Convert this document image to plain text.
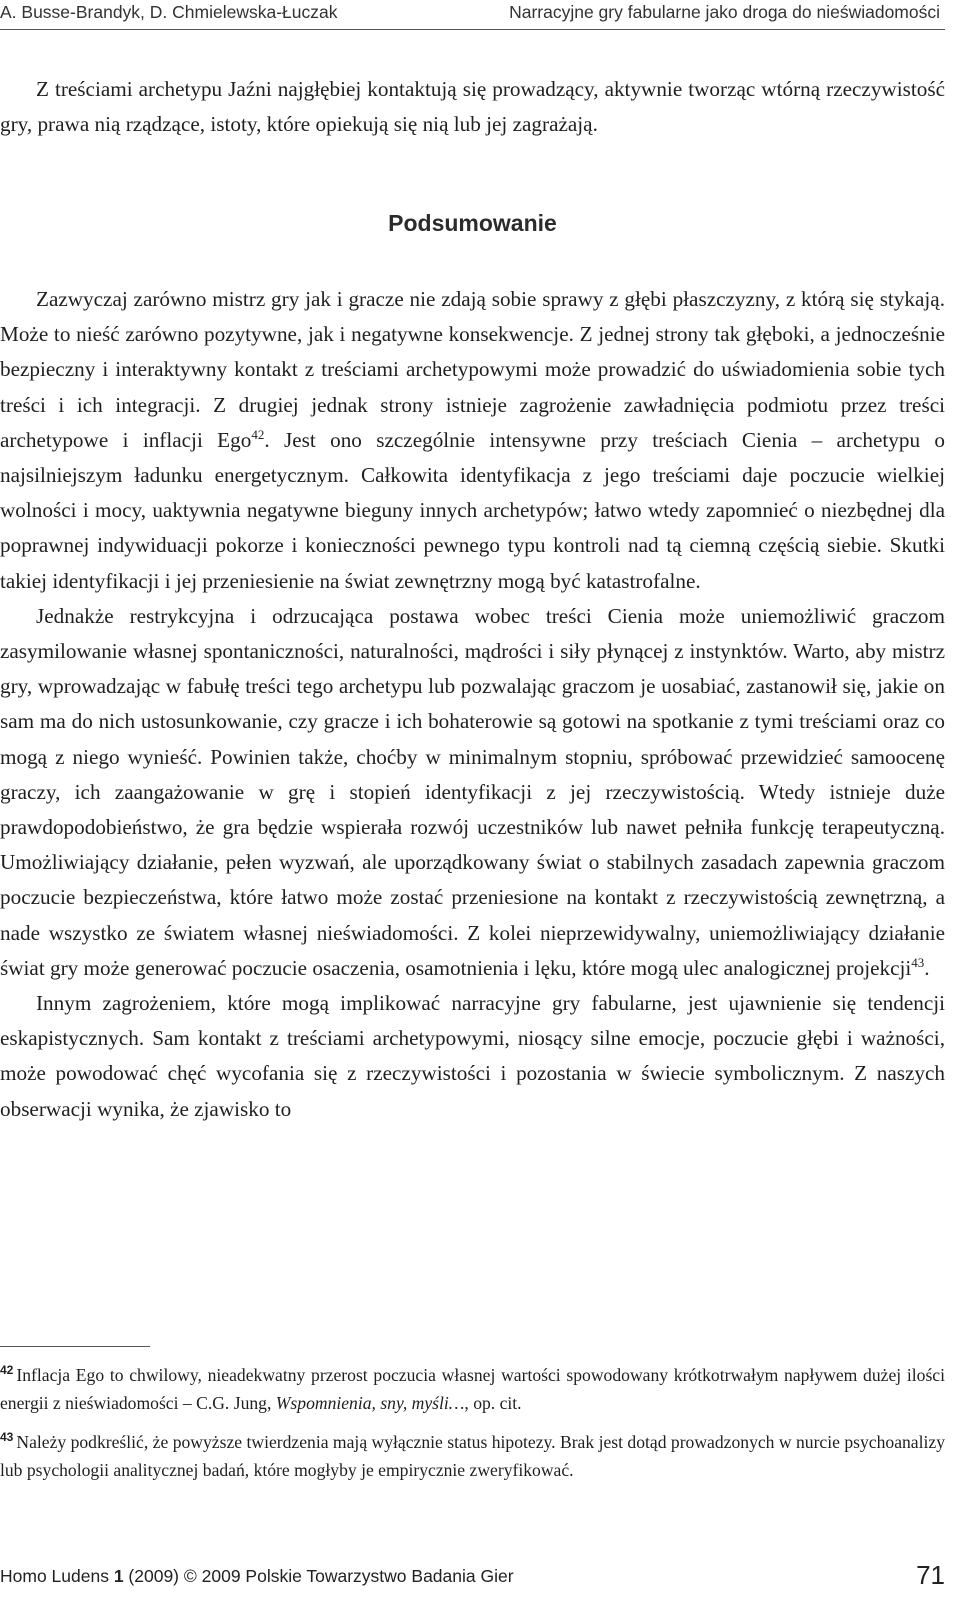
A. Busse-Brandyk, D. Chmielewska-Łuczak	Narracyjne gry fabularne jako droga do nieświadomości

Z treściami archetypu Jaźni najgłębiej kontaktują się prowadzący, aktywnie tworząc wtórną rzeczywistość gry, prawa nią rządzące, istoty, które opiekują się nią lub jej zagrażają.

Podsumowanie

Zazwyczaj zarówno mistrz gry jak i gracze nie zdają sobie sprawy z głębi płaszczyzny, z którą się stykają. Może to nieść zarówno pozytywne, jak i negatywne konsekwencje. Z jednej strony tak głęboki, a jednocześnie bezpieczny i interaktywny kontakt z treściami archetypowymi może prowadzić do uświadomienia sobie tych treści i ich integracji. Z drugiej jednak strony istnieje zagrożenie zawładnięcia podmiotu przez treści archetypowe i inflacji Ego$^{42}$. Jest ono szczególnie intensywne przy treściach Cienia – archetypu o najsilniejszym ładunku energetycznym. Całkowita identyfikacja z jego treściami daje poczucie wielkiej wolności i mocy, uaktywnia negatywne bieguny innych archetypów; łatwo wtedy zapomnieć o niezbędnej dla poprawnej indywiduacji pokorze i konieczności pewnego typu kontroli nad tą ciemną częścią siebie. Skutki takiej identyfikacji i jej przeniesienie na świat zewnętrzny mogą być katastrofalne.

Jednakże restrykcyjna i odrzucająca postawa wobec treści Cienia może uniemożliwić graczom zasymilowanie własnej spontaniczności, naturalności, mądrości i siły płynącej z instynktów. Warto, aby mistrz gry, wprowadzając w fabułę treści tego archetypu lub pozwalając graczom je uosabiać, zastanowił się, jakie on sam ma do nich ustosunkowanie, czy gracze i ich bohaterowie są gotowi na spotkanie z tymi treściami oraz co mogą z niego wynieść. Powinien także, choćby w minimalnym stopniu, spróbować przewidzieć samoocenę graczy, ich zaangażowanie w grę i stopień identyfikacji z jej rzeczywistością. Wtedy istnieje duże prawdopodobieństwo, że gra będzie wspierała rozwój uczestników lub nawet pełniła funkcję terapeutyczną. Umożliwiający działanie, pełen wyzwań, ale uporządkowany świat o stabilnych zasadach zapewnia graczom poczucie bezpieczeństwa, które łatwo może zostać przeniesione na kontakt z rzeczywistością zewnętrzną, a nade wszystko ze światem własnej nieświadomości. Z kolei nieprzewidywalny, uniemożliwiający działanie świat gry może generować poczucie osaczenia, osamotnienia i lęku, które mogą ulec analogicznej projekcji$^{43}$.

Innym zagrożeniem, które mogą implikować narracyjne gry fabularne, jest ujawnienie się tendencji eskapistycznych. Sam kontakt z treściami archetypowymi, niosący silne emocje, poczucie głębi i ważności, może powodować chęć wycofania się z rzeczywistości i pozostania w świecie symbolicznym. Z naszych obserwacji wynika, że zjawisko to

$^{42}$ Inflacja Ego to chwilowy, nieadekwatny przerost poczucia własnej wartości spowodowany krótkotrwałym napływem dużej ilości energii z nieświadomości – C.G. Jung, Wspomnienia, sny, myśli…, op. cit.

$^{43}$ Należy podkreślić, że powyższe twierdzenia mają wyłącznie status hipotezy. Brak jest dotąd prowadzonych w nurcie psychoanalizy lub psychologii analitycznej badań, które mogłyby je empirycznie zweryfikować.

Homo Ludens 1 (2009) © 2009 Polskie Towarzystwo Badania Gier	71
